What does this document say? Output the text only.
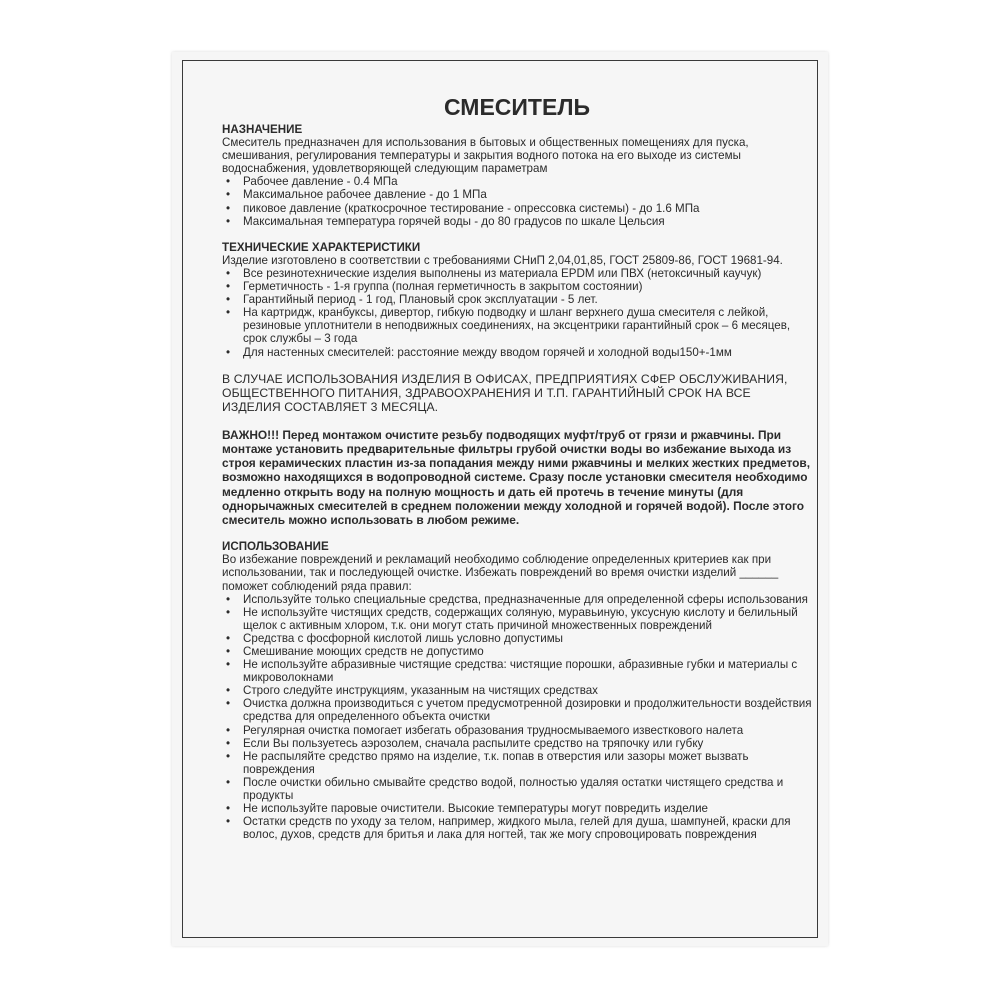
СМЕСИТЕЛЬ

НАЗНАЧЕНИЕ

Смеситель предназначен для использования в бытовых и общественных помещениях для пуска, смешивания, регулирования температуры и закрытия водного потока на его выходе из системы водоснабжения, удовлетворяющей следующим параметрам

• Рабочее давление - 0.4 МПа
• Максимальное рабочее давление - до 1 МПа
• пиковое давление (краткосрочное тестирование - опрессовка системы) - до 1.6 МПа
• Максимальная температура горячей воды - до 80 градусов по шкале Цельсия

ТЕХНИЧЕСКИЕ ХАРАКТЕРИСТИКИ

Изделие изготовлено в соответствии с требованиями СНиП 2,04,01,85, ГОСТ 25809-86, ГОСТ 19681-94.

• Все резинотехнические изделия выполнены из материала EPDM или ПВХ (нетоксичный каучук)
• Герметичность - 1-я группа (полная герметичность в закрытом состоянии)
• Гарантийный период - 1 год, Плановый срок эксплуатации - 5 лет.
• На картридж, кранбуксы, дивертор, гибкую подводку и шланг верхнего душа смесителя с лейкой, резиновые уплотнители в неподвижных соединениях, на эксцентрики гарантийный срок – 6 месяцев, срок службы – 3 года
• Для настенных смесителей: расстояние между вводом горячей и холодной воды150+-1мм

В СЛУЧАЕ ИСПОЛЬЗОВАНИЯ ИЗДЕЛИЯ В ОФИСАХ, ПРЕДПРИЯТИЯХ СФЕР ОБСЛУЖИВАНИЯ, ОБЩЕСТВЕННОГО ПИТАНИЯ, ЗДРАВООХРАНЕНИЯ И Т.П. ГАРАНТИЙНЫЙ СРОК НА ВСЕ ИЗДЕЛИЯ СОСТАВЛЯЕТ 3 МЕСЯЦА.

ВАЖНО!!! Перед монтажом очистите резьбу подводящих муфт/труб от грязи и ржавчины. При монтаже установить предварительные фильтры грубой очистки воды во избежание выхода из строя керамических пластин из-за попадания между ними ржавчины и мелких жестких предметов, возможно находящихся в водопроводной системе. Сразу после установки смесителя необходимо медленно открыть воду на полную мощность и дать ей протечь в течение минуты (для однорычажных смесителей в среднем положении между холодной и горячей водой). После этого смеситель можно использовать в любом режиме.

ИСПОЛЬЗОВАНИЕ

Во избежание повреждений и рекламаций необходимо соблюдение определенных критериев как при использовании, так и последующей очистке. Избежать повреждений во время очистки изделий ______ поможет соблюдений ряда правил:

• Используйте только специальные средства, предназначенные для определенной сферы использования
• Не используйте чистящих средств, содержащих соляную, муравьиную, уксусную кислоту и белильный щелок с активным хлором, т.к. они могут стать причиной множественных повреждений
• Средства с фосфорной кислотой лишь условно допустимы
• Смешивание моющих средств не допустимо
• Не используйте абразивные чистящие средства: чистящие порошки, абразивные губки и материалы с микроволокнами
• Строго следуйте инструкциям, указанным на чистящих средствах
• Очистка должна производиться с учетом предусмотренной дозировки и продолжительности воздействия средства для определенного объекта очистки
• Регулярная очистка помогает избегать образования трудносмываемого известкового налета
• Если Вы пользуетесь аэрозолем, сначала распылите средство на тряпочку или губку
• Не распыляйте средство прямо на изделие, т.к. попав в отверстия или зазоры может вызвать повреждения
• После очистки обильно смывайте средство водой, полностью удаляя остатки чистящего средства и продукты
• Не используйте паровые очистители. Высокие температуры могут повредить изделие
• Остатки средств по уходу за телом, например, жидкого мыла, гелей для душа, шампуней, краски для волос, духов, средств для бритья и лака для ногтей, так же могу спровоцировать повреждения
